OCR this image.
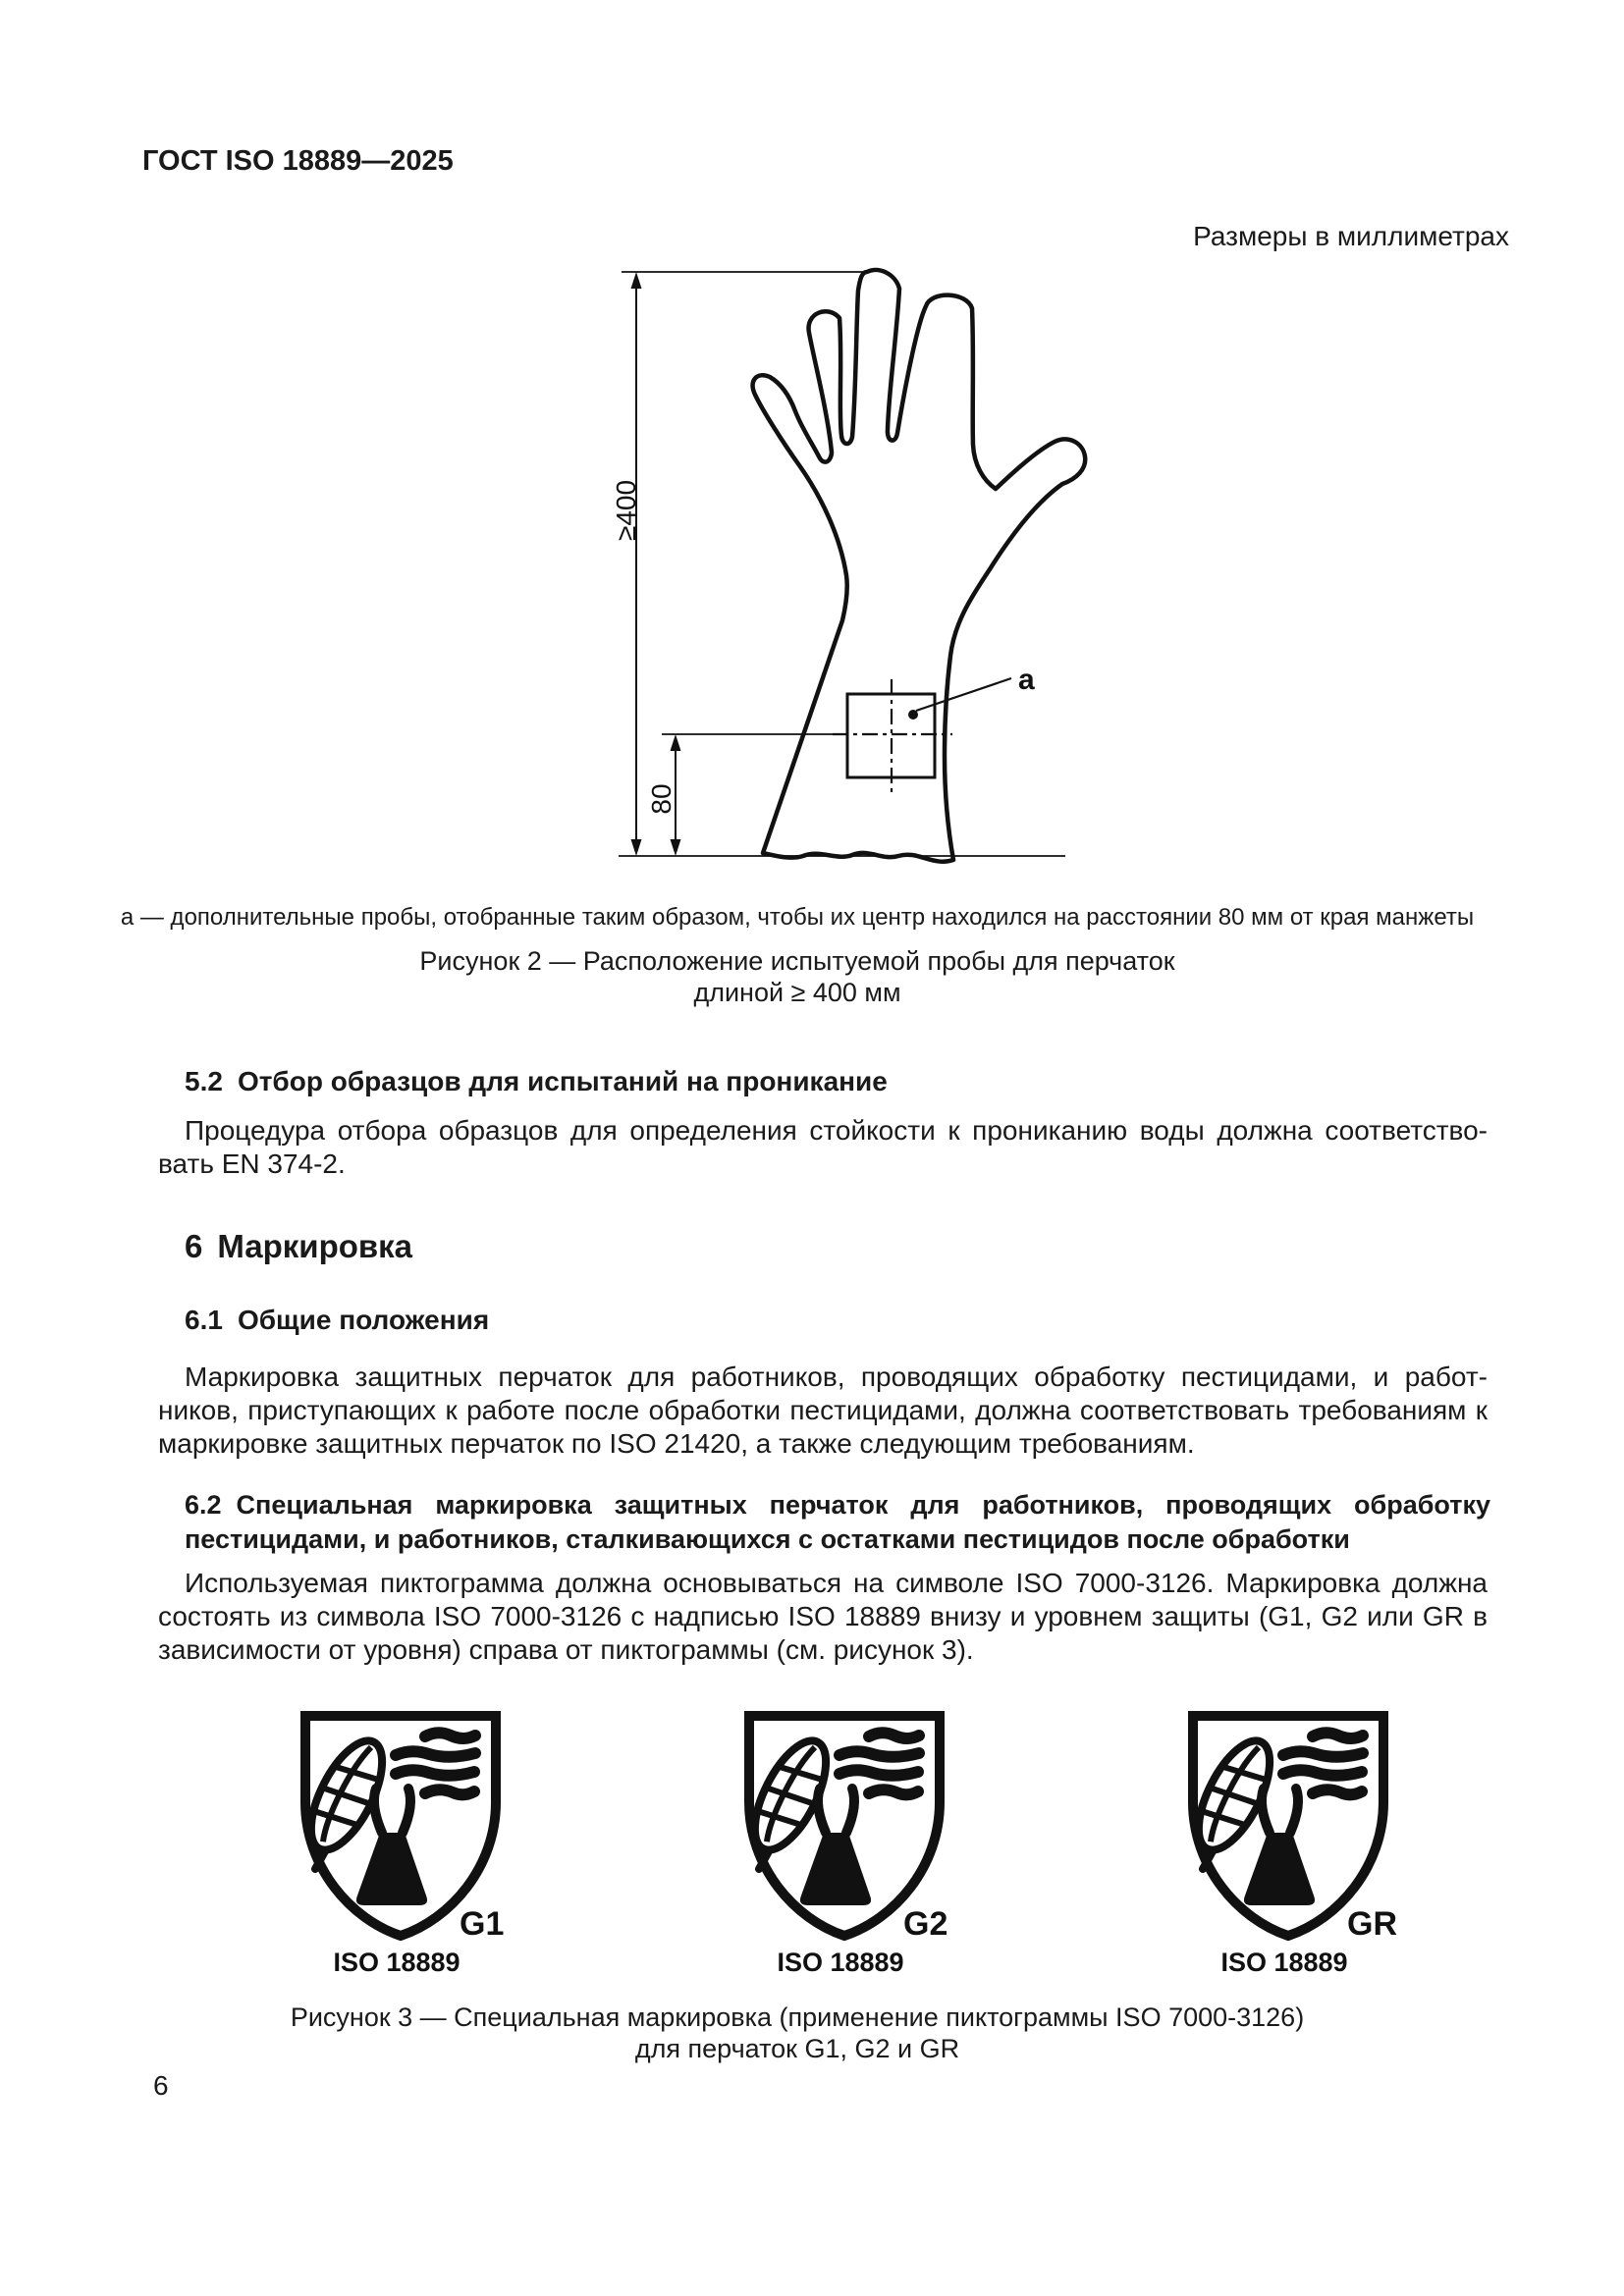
ГОСТ ISO 18889—2025
Размеры в миллиметрах
≥400
80
a
а — дополнительные пробы, отобранные таким образом, чтобы их центр находился на расстоянии 80 мм от края манжеты
Рисунок 2 — Расположение испытуемой пробы для перчаток
длиной ≥ 400 мм
5.2 Отбор образцов для испытаний на проникание
Процедура отбора образцов для определения стойкости к прониканию воды должна соответство-
вать EN 374-2.
6 Маркировка
6.1 Общие положения
Маркировка защитных перчаток для работников, проводящих обработку пестицидами, и работ-
ников, приступающих к работе после обработки пестицидами, должна соответствовать требованиям к
маркировке защитных перчаток по ISO 21420, а также следующим требованиям.
6.2 Специальная маркировка защитных перчаток для работников, проводящих обработку
пестицидами, и работников, сталкивающихся с остатками пестицидов после обработки
Используемая пиктограмма должна основываться на символе ISO 7000-3126. Маркировка должна
состоять из символа ISO 7000-3126 с надписью ISO 18889 внизу и уровнем защиты (G1, G2 или GR в
зависимости от уровня) справа от пиктограммы (см. рисунок 3).
G1
ISO 18889
G2
ISO 18889
GR
ISO 18889
Рисунок 3 — Специальная маркировка (применение пиктограммы ISO 7000-3126)
для перчаток G1, G2 и GR
6
